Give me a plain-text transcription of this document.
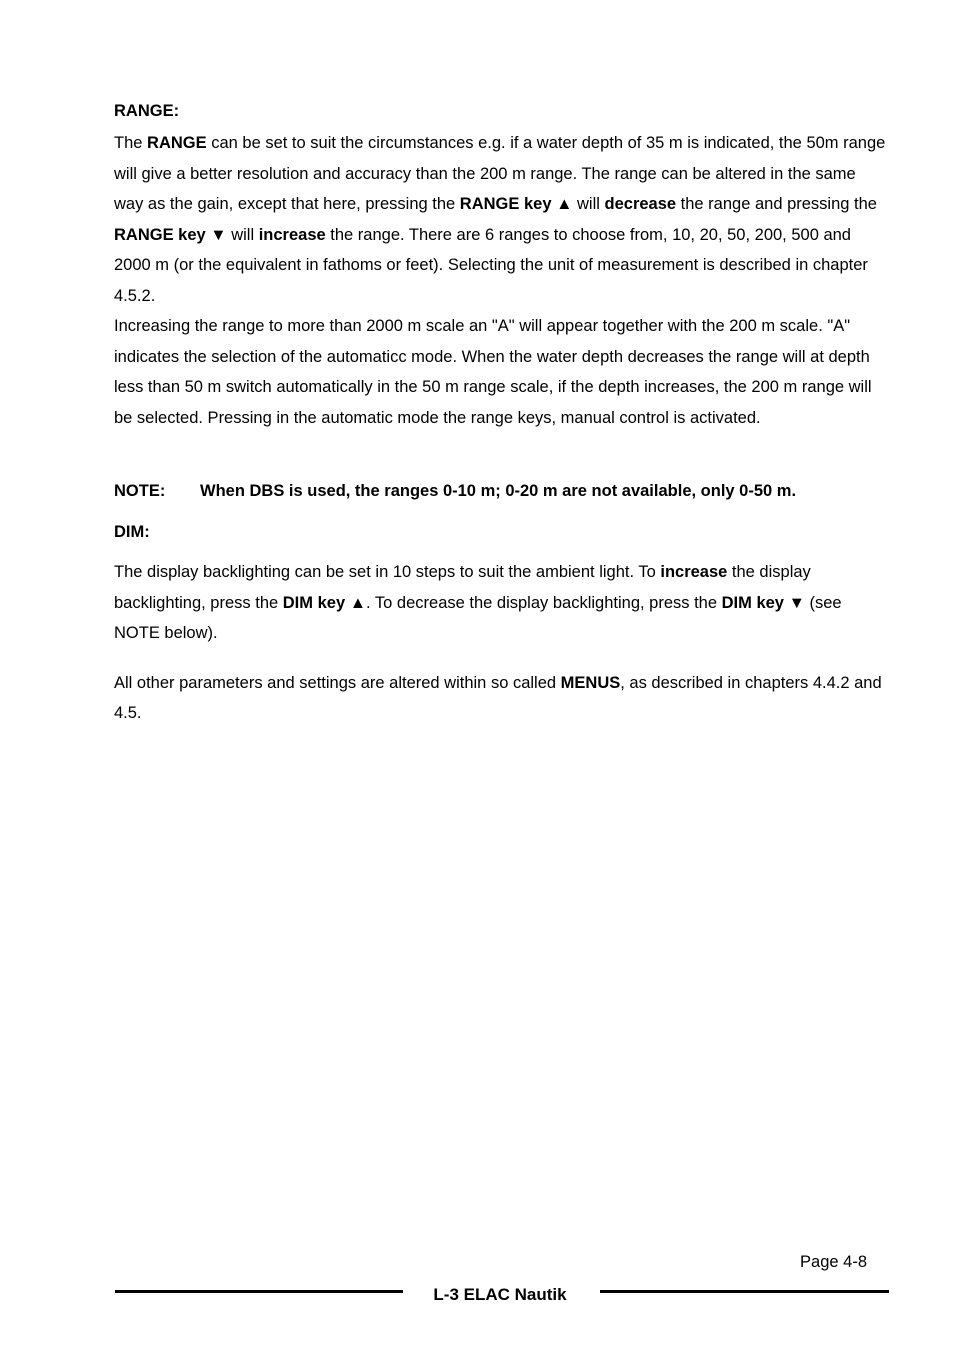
RANGE:

The RANGE can be set to suit the circumstances e.g. if a water depth of 35 m is indicated, the 50m range will give a better resolution and accuracy than the 200 m range. The range can be altered in the same way as the gain, except that here, pressing the RANGE key ▲ will decrease the range and pressing the RANGE key ▼ will increase the range. There are 6 ranges to choose from, 10, 20, 50, 200, 500 and 2000 m (or the equivalent in fathoms or feet). Selecting the unit of measurement is described in chapter 4.5.2.

Increasing the range to more than 2000 m scale an "A" will appear together with the 200 m scale. "A" indicates the selection of the automaticc mode. When the water depth decreases the range will at depth less than 50 m switch automatically in the 50 m range scale, if the depth increases, the 200 m range will be selected. Pressing in the automatic mode the range keys, manual control is activated.

NOTE:	When DBS is used, the ranges 0-10 m; 0-20 m are not available, only 0-50 m.
DIM:

The display backlighting can be set in 10 steps to suit the ambient light. To increase the display backlighting, press the DIM key ▲. To decrease the display backlighting, press the DIM key ▼ (see NOTE below).

All other parameters and settings are altered within so called MENUS, as described in chapters 4.4.2 and 4.5.

Page 4-8
L-3 ELAC Nautik
